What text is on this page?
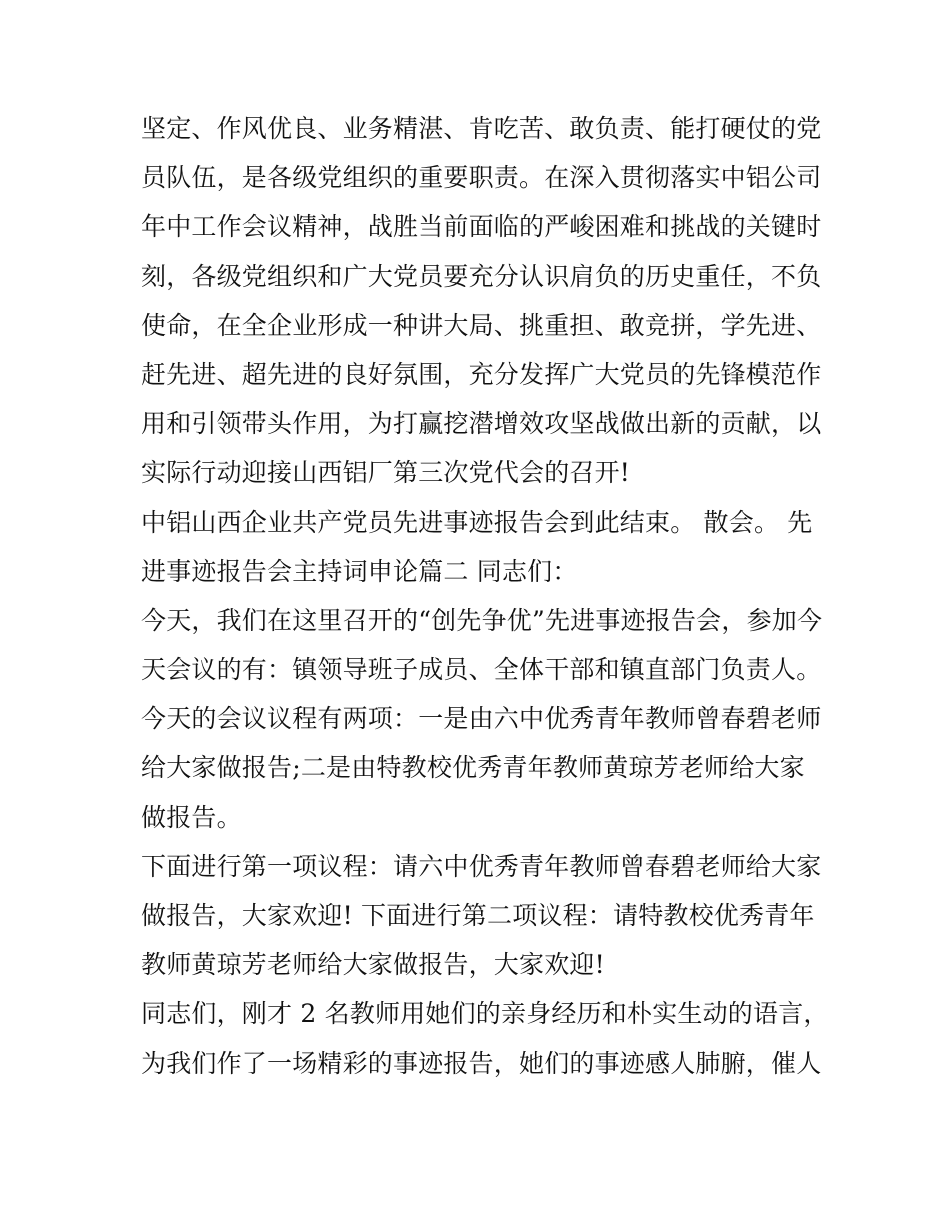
坚定、作风优良、业务精湛、肯吃苦、敢负责、能打硬仗的党
员队伍，是各级党组织的重要职责。在深入贯彻落实中铝公司
年中工作会议精神，战胜当前面临的严峻困难和挑战的关键时
刻，各级党组织和广大党员要充分认识肩负的历史重任，不负
使命，在全企业形成一种讲大局、挑重担、敢竞拼，学先进、
赶先进、超先进的良好氛围，充分发挥广大党员的先锋模范作
用和引领带头作用，为打赢挖潜增效攻坚战做出新的贡献，以
实际行动迎接山西铝厂第三次党代会的召开!
中铝山西企业共产党员先进事迹报告会到此结束。 散会。 先
进事迹报告会主持词申论篇二 同志们：
今天，我们在这里召开的“创先争优”先进事迹报告会，参加今
天会议的有：镇领导班子成员、全体干部和镇直部门负责人。
今天的会议议程有两项：一是由六中优秀青年教师曾春碧老师
给大家做报告;二是由特教校优秀青年教师黄琼芳老师给大家
做报告。
下面进行第一项议程：请六中优秀青年教师曾春碧老师给大家
做报告，大家欢迎! 下面进行第二项议程：请特教校优秀青年
教师黄琼芳老师给大家做报告，大家欢迎!
同志们，刚才 2 名教师用她们的亲身经历和朴实生动的语言，
为我们作了一场精彩的事迹报告，她们的事迹感人肺腑，催人
